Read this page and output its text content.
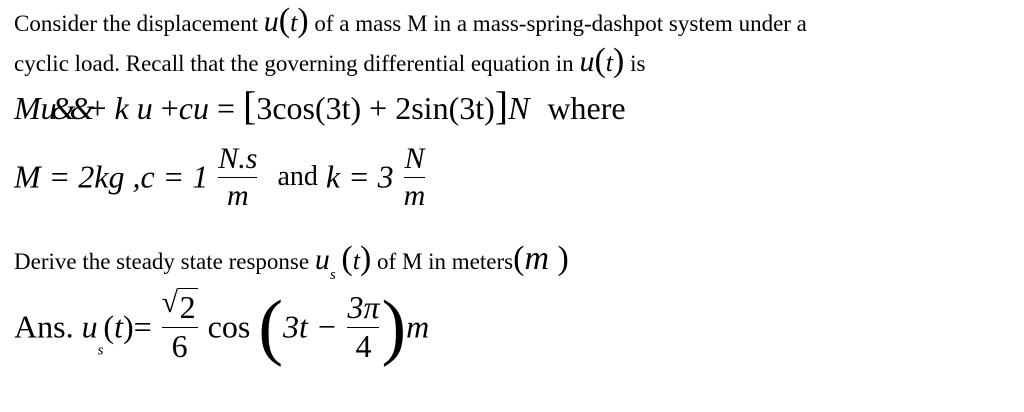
Consider the displacement u(t) of a mass M in a mass-spring-dashpot system under a
cyclic load. Recall that the governing differential equation in u(t) is
Mu&&+ k u +cu = [3cos(3t) + 2sin(3t)]N where
M = 2kg $,c = 1 \frac{N.s}{m}$ and $k = 3 \frac{N}{m}$
Derive the steady state response $u_s$ (t) of M in meters(m )
Ans. $u_s(t)= \frac{√ 2}{6}$ $\cos (3t - \frac{3\pi}{4} )m$
